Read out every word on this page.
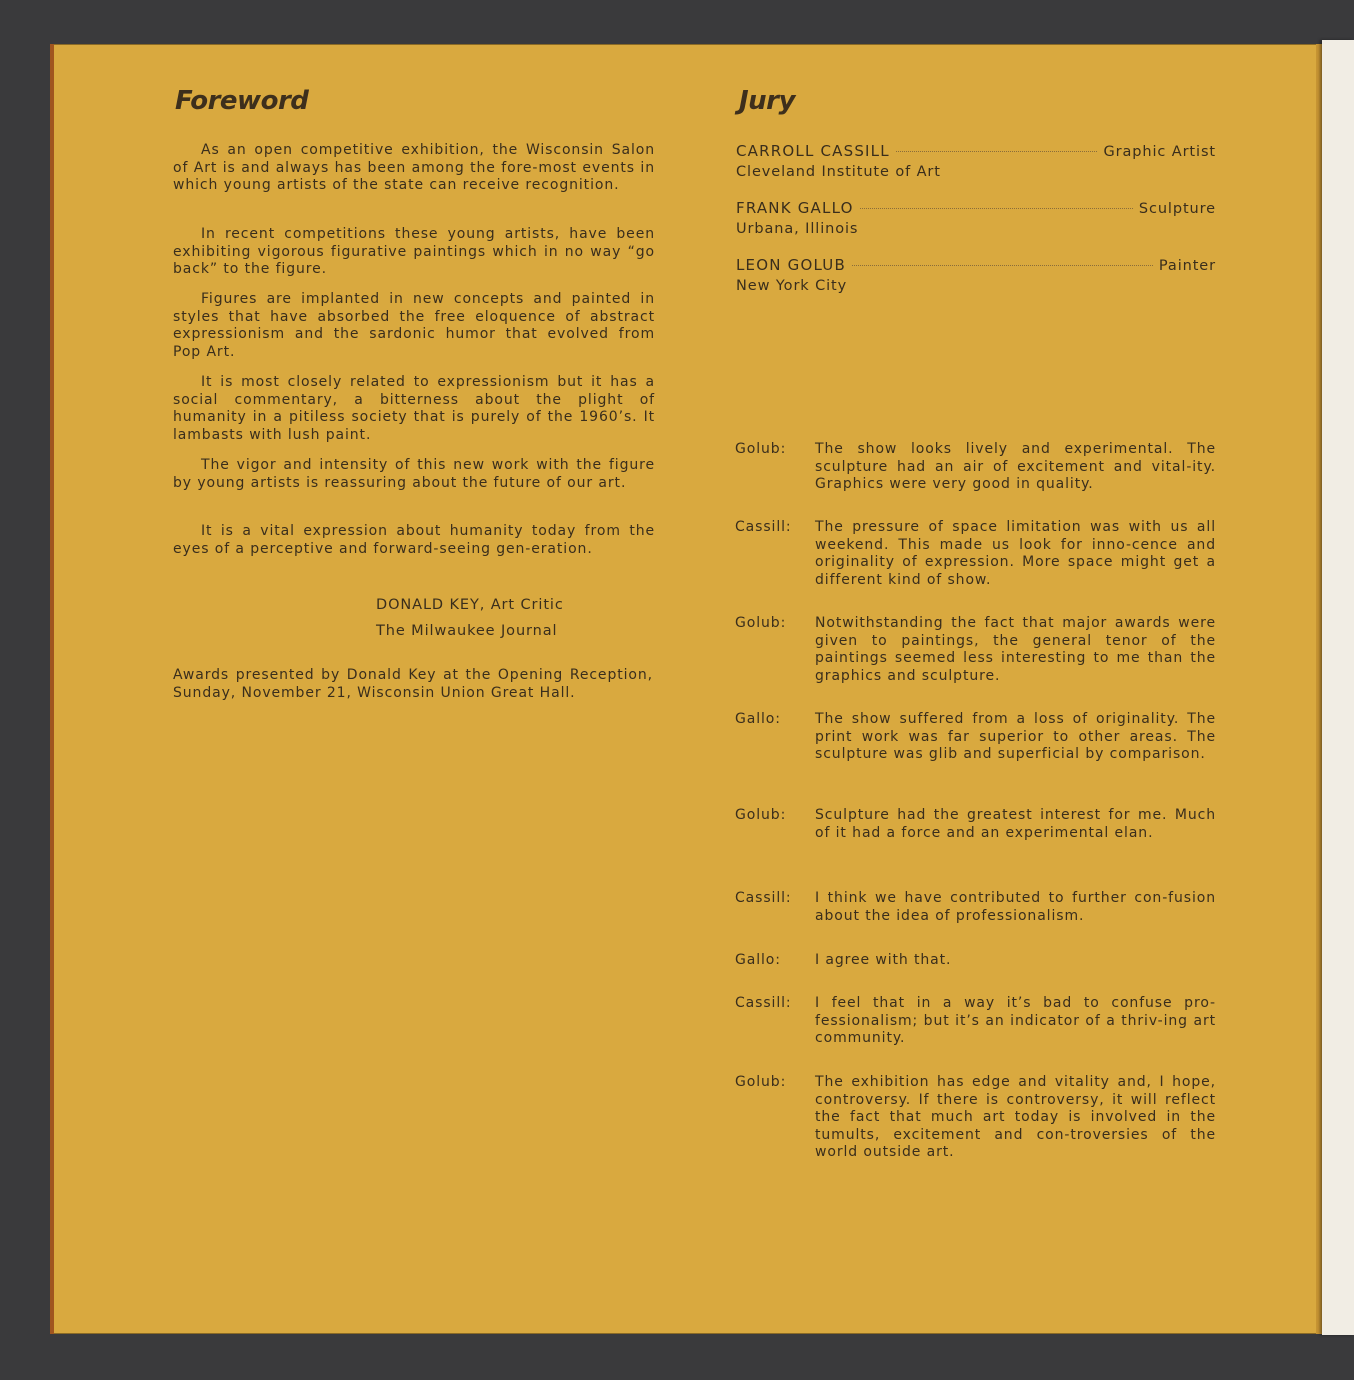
Foreword

As an open competitive exhibition, the Wisconsin Salon of Art is and always has been among the fore-most events in which young artists of the state can receive recognition.

In recent competitions these young artists, have been exhibiting vigorous figurative paintings which in no way “go back” to the figure.

Figures are implanted in new concepts and painted in styles that have absorbed the free eloquence of abstract expressionism and the sardonic humor that evolved from Pop Art.

It is most closely related to expressionism but it has a social commentary, a bitterness about the plight of humanity in a pitiless society that is purely of the 1960’s. It lambasts with lush paint.

The vigor and intensity of this new work with the figure by young artists is reassuring about the future of our art.

It is a vital expression about humanity today from the eyes of a perceptive and forward-seeing gen-eration.

DONALD KEY, Art Critic
The Milwaukee Journal

Awards presented by Donald Key at the Opening Reception, Sunday, November 21, Wisconsin Union Great Hall.

Jury
CARROLL CASSILL	Graphic Artist
Cleveland Institute of Art
FRANK GALLO	Sculpture
Urbana, Illinois
LEON GOLUB	Painter
New York City
Golub:	The show looks lively and experimental. The sculpture had an air of excitement and vital-ity. Graphics were very good in quality.
Cassill:	The pressure of space limitation was with us all weekend. This made us look for inno-cence and originality of expression. More space might get a different kind of show.
Golub:	Notwithstanding the fact that major awards were given to paintings, the general tenor of the paintings seemed less interesting to me than the graphics and sculpture.
Gallo:	The show suffered from a loss of originality. The print work was far superior to other areas. The sculpture was glib and superficial by comparison.
Golub:	Sculpture had the greatest interest for me. Much of it had a force and an experimental elan.
Cassill:	I think we have contributed to further con-fusion about the idea of professionalism.
Gallo:	I agree with that.
Cassill:	I feel that in a way it’s bad to confuse pro-fessionalism; but it’s an indicator of a thriv-ing art community.
Golub:	The exhibition has edge and vitality and, I hope, controversy. If there is controversy, it will reflect the fact that much art today is involved in the tumults, excitement and con-troversies of the world outside art.
